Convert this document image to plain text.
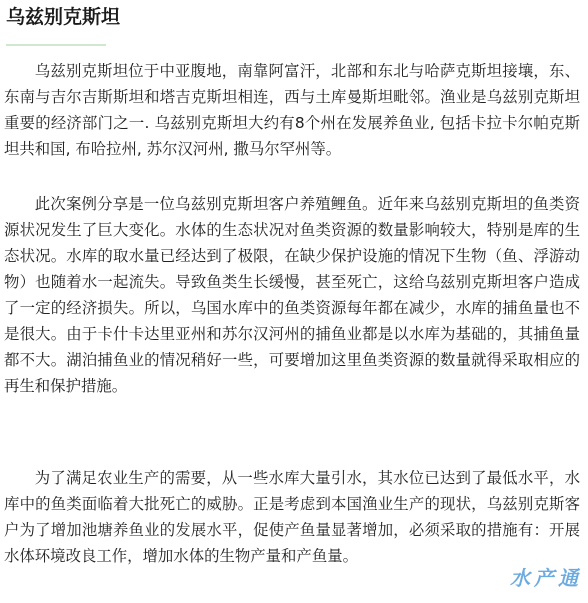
乌兹别克斯坦

乌兹别克斯坦位于中亚腹地，南靠阿富汗，北部和东北与哈萨克斯坦接壤，东、东南与吉尔吉斯斯坦和塔吉克斯坦相连，西与土库曼斯坦毗邻。渔业是乌兹别克斯坦重要的经济部门之一. 乌兹别克斯坦大约有8个州在发展养鱼业, 包括卡拉卡尔帕克斯坦共和国, 布哈拉州, 苏尔汉河州, 撒马尔罕州等。

此次案例分享是一位乌兹别克斯坦客户养殖鲤鱼。近年来乌兹别克斯坦的鱼类资源状况发生了巨大变化。水体的生态状况对鱼类资源的数量影响较大，特别是库的生态状况。水库的取水量已经达到了极限，在缺少保护设施的情况下生物（鱼、浮游动物）也随着水一起流失。导致鱼类生长缓慢，甚至死亡，这给乌兹别克斯坦客户造成了一定的经济损失。所以，乌国水库中的鱼类资源每年都在减少，水库的捕鱼量也不是很大。由于卡什卡达里亚州和苏尔汉河州的捕鱼业都是以水库为基础的，其捕鱼量都不大。湖泊捕鱼业的情况稍好一些，可要增加这里鱼类资源的数量就得采取相应的再生和保护措施。

为了满足农业生产的需要，从一些水库大量引水，其水位已达到了最低水平，水库中的鱼类面临着大批死亡的威胁。正是考虑到本国渔业生产的现状，乌兹别克斯客户为了增加池塘养鱼业的发展水平，促使产鱼量显著增加，必须采取的措施有：开展水体环境改良工作，增加水体的生物产量和产鱼量。

水产通
